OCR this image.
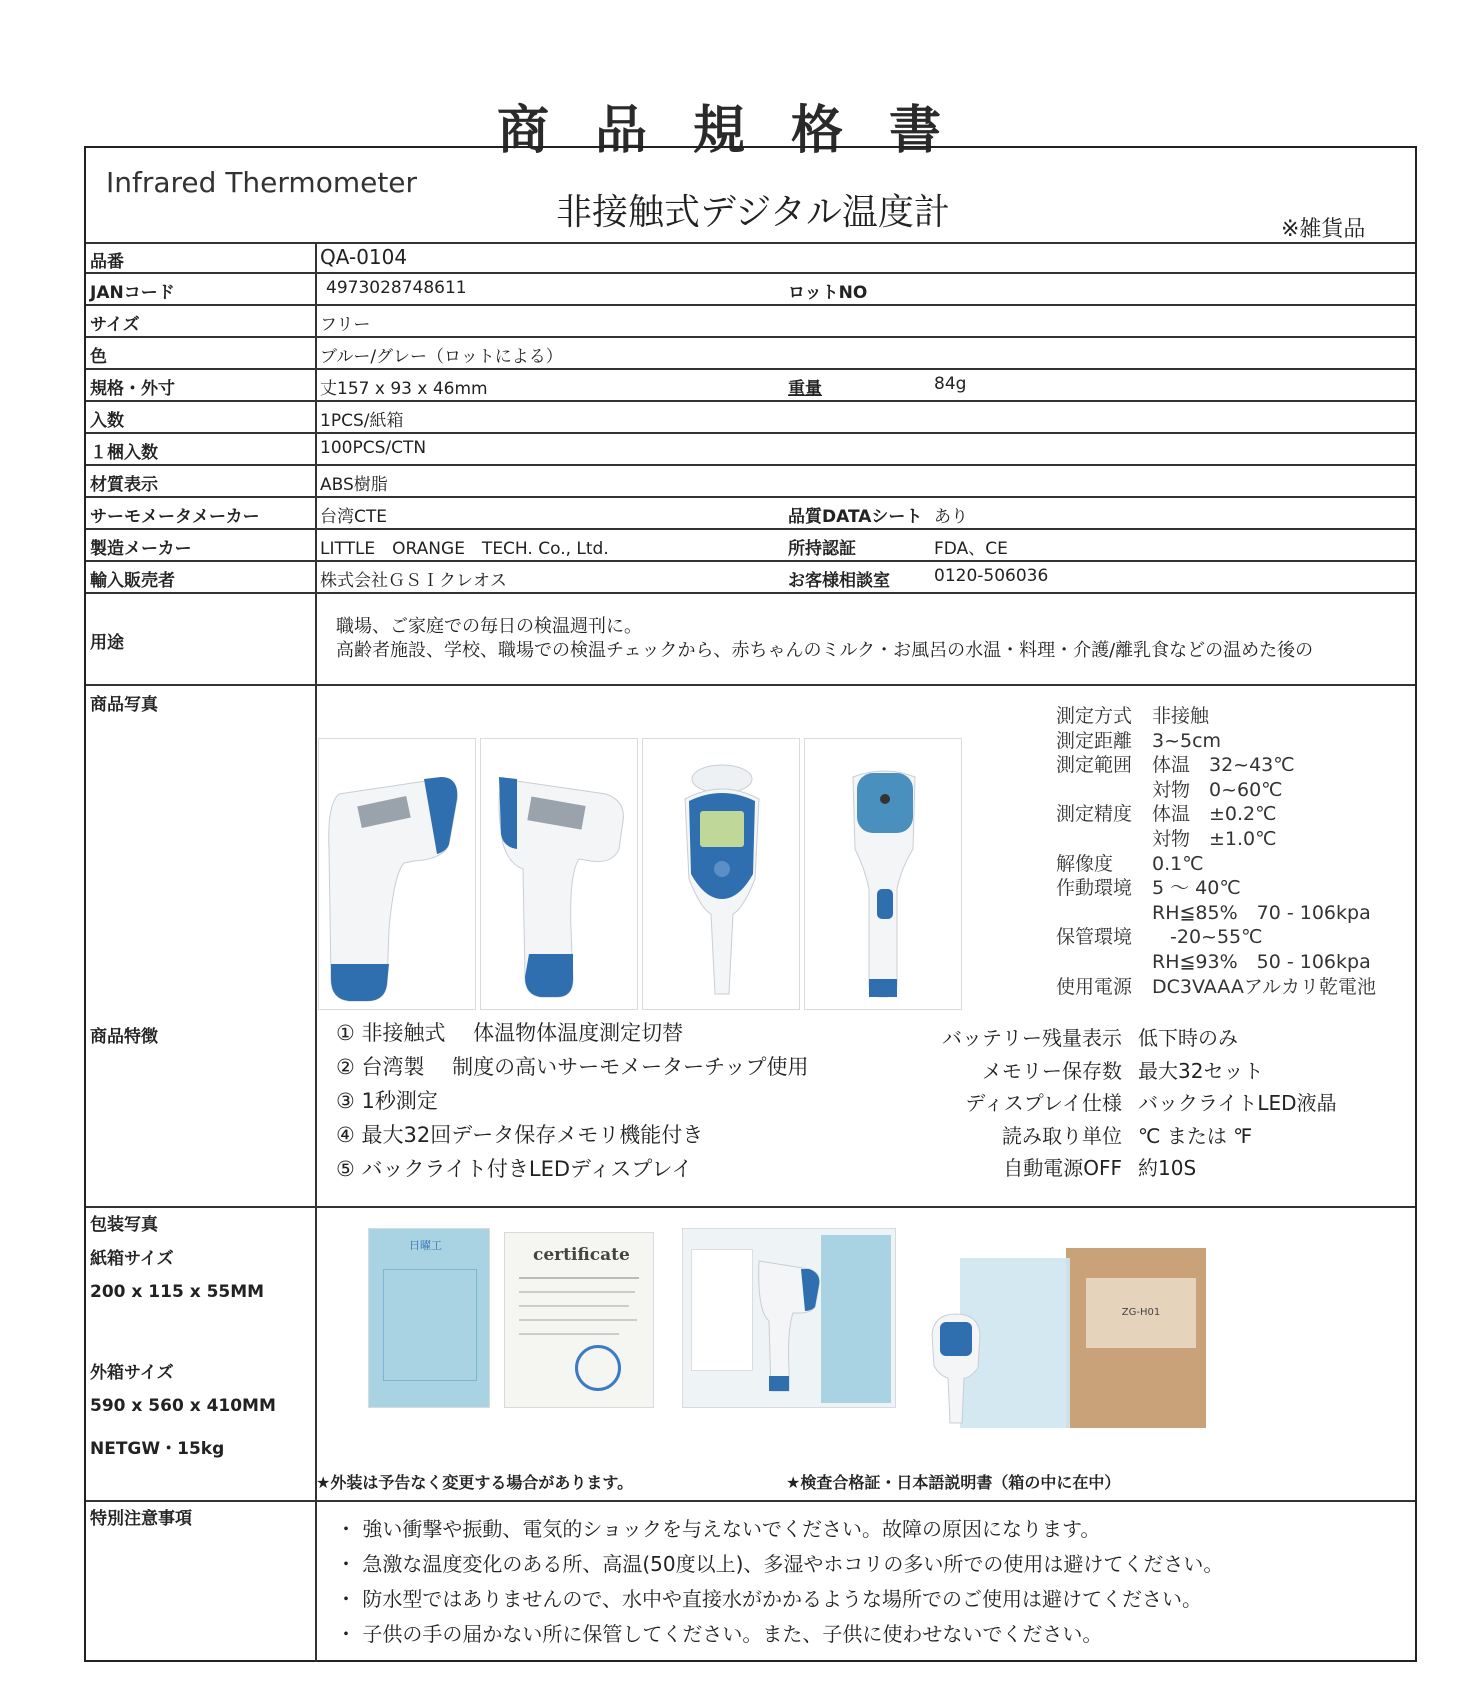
商品規格書
Infrared Thermometer
非接触式デジタル温度計	※雑貨品
品番	QA-0104
JANコード	4973028748611	ロットNO
サイズ	フリー
色	ブルー/グレー（ロットによる）
規格・外寸	丈157 x 93 x 46mm	重量	84g
入数	1PCS/紙箱
１梱入数	100PCS/CTN
材質表示	ABS樹脂
サーモメータメーカー	台湾CTE	品質DATAシート あり
製造メーカー	LITTLE　ORANGE　TECH. Co., Ltd.	所持認証	FDA、CE
輸入販売者	株式会社ＧＳＩクレオス	お客様相談室	0120-506036
用途
職場、ご家庭での毎日の検温週刊に。
高齢者施設、学校、職場での検温チェックから、赤ちゃんのミルク・お風呂の水温・料理・介護/離乳食などの温めた後の
商品写真	測定方式 非接触
測定距離 3~5cm
測定範囲 体温　32~43℃
対物　0~60℃
測定精度 体温　±0.2℃
対物　±1.0℃
解像度 0.1℃
作動環境 5 ～ 40℃
RH≦85%　70 - 106kpa
保管環境 -20~55℃
RH≦93%　50 - 106kpa
使用電源 DC3VAAAアルカリ乾電池
商品特徴	① 非接触式　 体温物体温度測定切替
② 台湾製　 制度の高いサーモメーターチップ使用
③ 1秒測定
④ 最大32回データ保存メモリ機能付き
⑤ バックライト付きLEDディスプレイ
バッテリー残量表示 低下時のみ
メモリー保存数 最大32セット
ディスプレイ仕様 バックライトLED液晶
読み取り単位 ℃ または ℉
自動電源OFF 約10S
包装写真
紙箱サイズ
200 x 115 x 55MM
外箱サイズ
590 x 560 x 410MM
NETGW・15kg
日曜工	certificate
ZG-H01
★外装は予告なく変更する場合があります。	★検査合格証・日本語説明書（箱の中に在中）
特別注意事項	・ 強い衝撃や振動、電気的ショックを与えないでください。故障の原因になります。
・ 急激な温度変化のある所、高温(50度以上)、多湿やホコリの多い所での使用は避けてください。
・ 防水型ではありませんので、水中や直接水がかかるような場所でのご使用は避けてください。
・ 子供の手の届かない所に保管してください。また、子供に使わせないでください。
